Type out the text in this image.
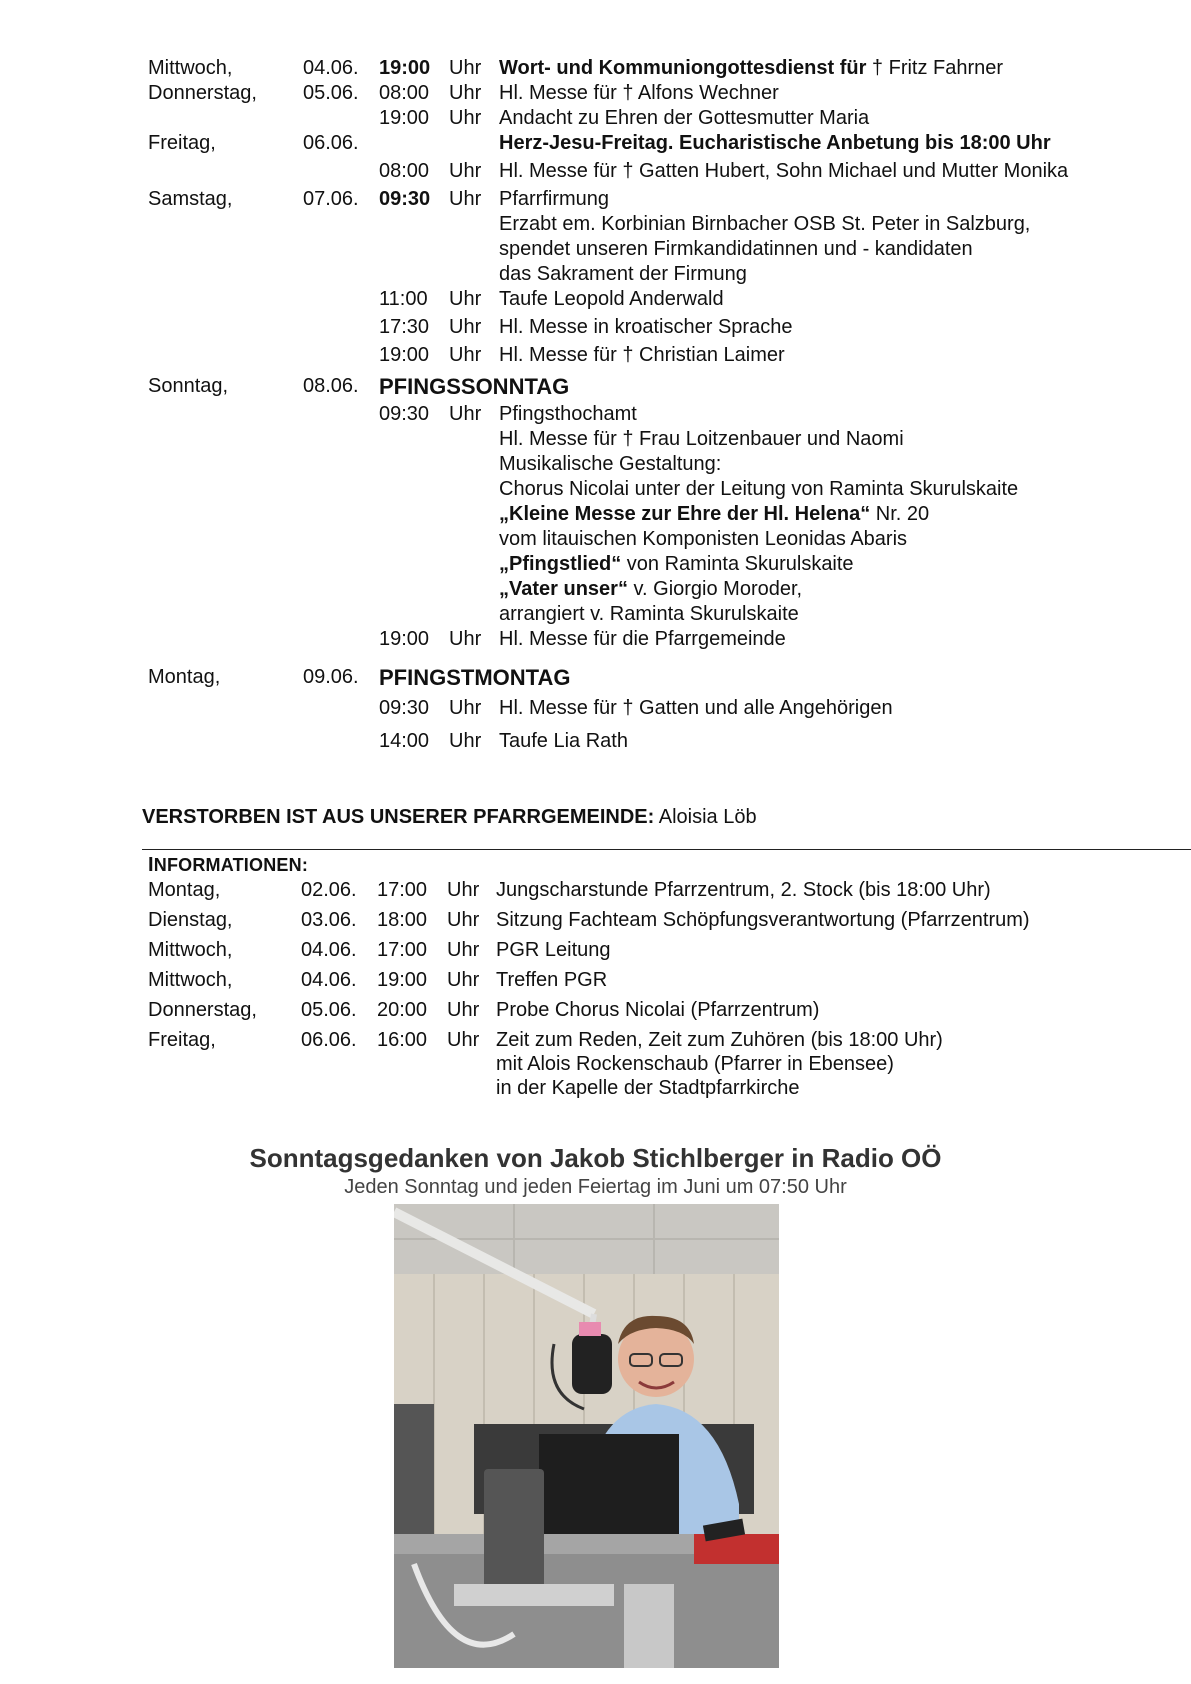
Mittwoch,	04.06. 19:00 Uhr Wort- und Kommuniongottesdienst für † Fritz Fahrner
Donnerstag, 05.06. 08:00 Uhr Hl. Messe für † Alfons Wechner
19:00 Uhr Andacht zu Ehren der Gottesmutter Maria
Freitag,	06.06.	Herz-Jesu-Freitag. Eucharistische Anbetung bis 18:00 Uhr
08:00 Uhr Hl. Messe für † Gatten Hubert, Sohn Michael und Mutter Monika
Samstag,	07.06. 09:30 Uhr Pfarrfirmung
Erzabt em. Korbinian Birnbacher OSB St. Peter in Salzburg,
spendet unseren Firmkandidatinnen und - kandidaten
das Sakrament der Firmung
11:00 Uhr Taufe Leopold Anderwald
17:30 Uhr Hl. Messe in kroatischer Sprache
19:00 Uhr Hl. Messe für † Christian Laimer
Sonntag,	08.06. PFINGSSONNTAG
09:30 Uhr Pfingsthochamt
Hl. Messe für † Frau Loitzenbauer und Naomi
Musikalische Gestaltung:
Chorus Nicolai unter der Leitung von Raminta Skurulskaite
„Kleine Messe zur Ehre der Hl. Helena“ Nr. 20
vom litauischen Komponisten Leonidas Abaris
„Pfingstlied“ von Raminta Skurulskaite
„Vater unser“ v. Giorgio Moroder,
arrangiert v. Raminta Skurulskaite
19:00 Uhr Hl. Messe für die Pfarrgemeinde
Montag,	09.06. PFINGSTMONTAG
09:30 Uhr Hl. Messe für † Gatten und alle Angehörigen
14:00 Uhr Taufe Lia Rath
VERSTORBEN IST AUS UNSERER PFARRGEMEINDE: Aloisia Löb
INFORMATIONEN:
Montag,	02.06. 17:00 Uhr Jungscharstunde Pfarrzentrum, 2. Stock (bis 18:00 Uhr)
Dienstag,	03.06. 18:00 Uhr Sitzung Fachteam Schöpfungsverantwortung (Pfarrzentrum)
Mittwoch,	04.06. 17:00 Uhr PGR Leitung
Mittwoch,	04.06. 19:00 Uhr Treffen PGR
Donnerstag, 05.06. 20:00 Uhr Probe Chorus Nicolai (Pfarrzentrum)
Freitag,	06.06. 16:00 Uhr Zeit zum Reden, Zeit zum Zuhören (bis 18:00 Uhr)
mit Alois Rockenschaub (Pfarrer in Ebensee)
in der Kapelle der Stadtpfarrkirche
Sonntagsgedanken von Jakob Stichlberger in Radio OÖ
Jeden Sonntag und jeden Feiertag im Juni um 07:50 Uhr
